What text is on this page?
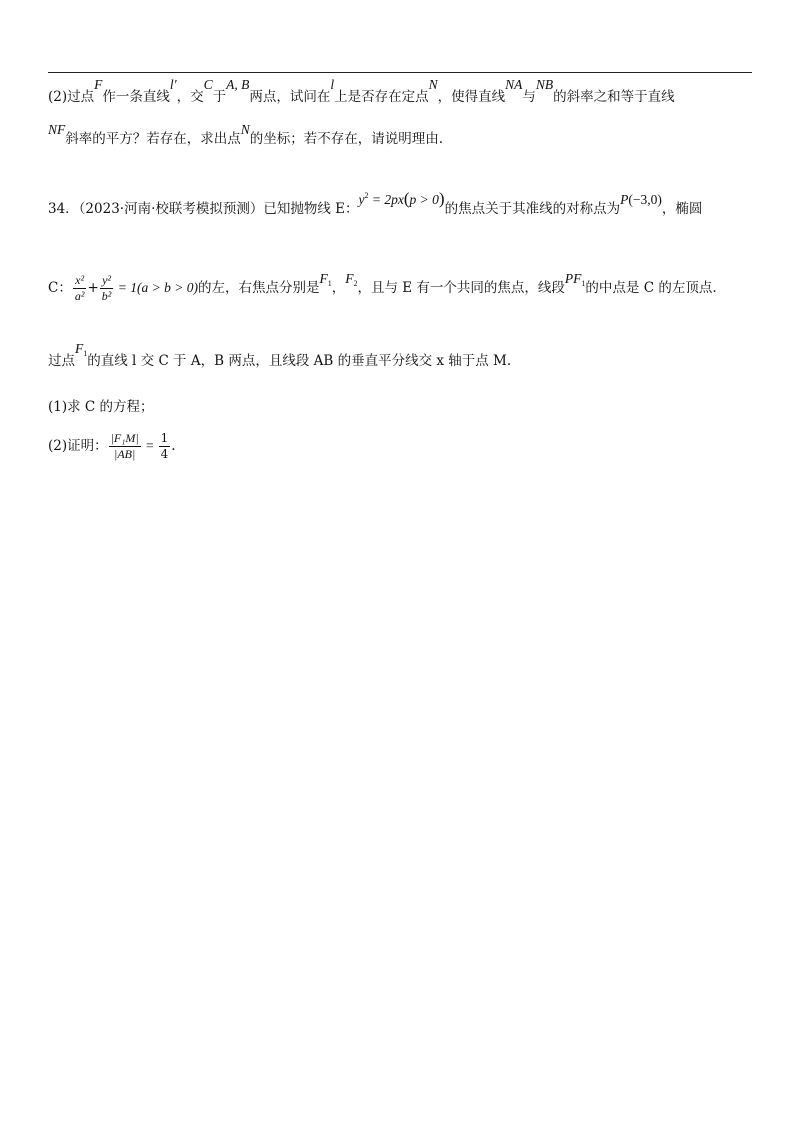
(2)过点F作一条直线l′，交C于A, B两点，试问在l上是否存在定点N，使得直线NA与NB的斜率之和等于直线
NF斜率的平方？若存在，求出点N的坐标；若不存在，请说明理由.
34．（2023·河南·校联考模拟预测）已知抛物线 E：$y^2 = 2px(p > 0)$的焦点关于其准线的对称点为P(−3,0)，椭圆
C： $\frac{\text{x²}}{\text{a²}} + \frac{\text{y²}}{\text{b²}} = 1(a > b > 0)$的左，右焦点分别是$F_1$，$F_2$，且与 E 有一个共同的焦点，线段$PF_1$的中点是 C 的左顶点.
过点$F_1$的直线 l 交 C 于 A，B 两点，且线段 AB 的垂直平分线交 x 轴于点 M.
(1)求 C 的方程；
(2)证明： $\frac{\text{|F₁M|}}{|AB|} = \frac{1}{4}$ .
